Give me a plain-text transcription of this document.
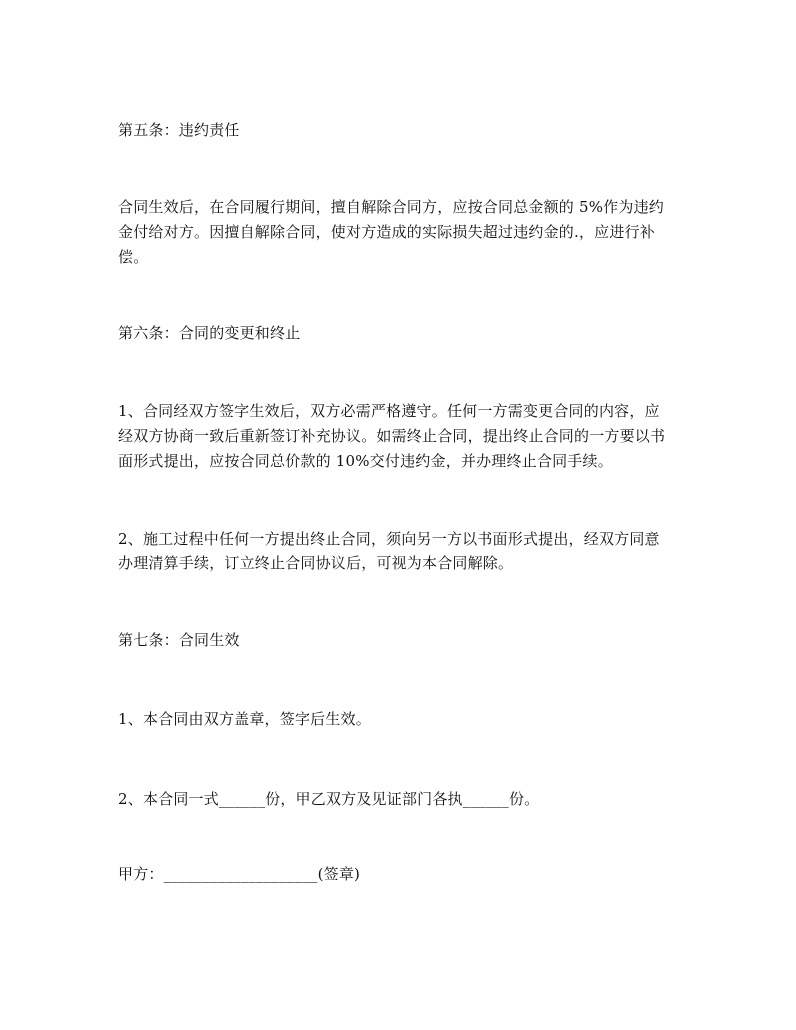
第五条：违约责任
合同生效后，在合同履行期间，擅自解除合同方，应按合同总金额的 5%作为违约
金付给对方。因擅自解除合同，使对方造成的实际损失超过违约金的.，应进行补
偿。
第六条：合同的变更和终止
1、合同经双方签字生效后，双方必需严格遵守。任何一方需变更合同的内容，应
经双方协商一致后重新签订补充协议。如需终止合同，提出终止合同的一方要以书
面形式提出，应按合同总价款的 10%交付违约金，并办理终止合同手续。
2、施工过程中任何一方提出终止合同，须向另一方以书面形式提出，经双方同意
办理清算手续，订立终止合同协议后，可视为本合同解除。
第七条：合同生效
1、本合同由双方盖章，签字后生效。
2、本合同一式______份，甲乙双方及见证部门各执______份。
甲方：____________________(签章)
